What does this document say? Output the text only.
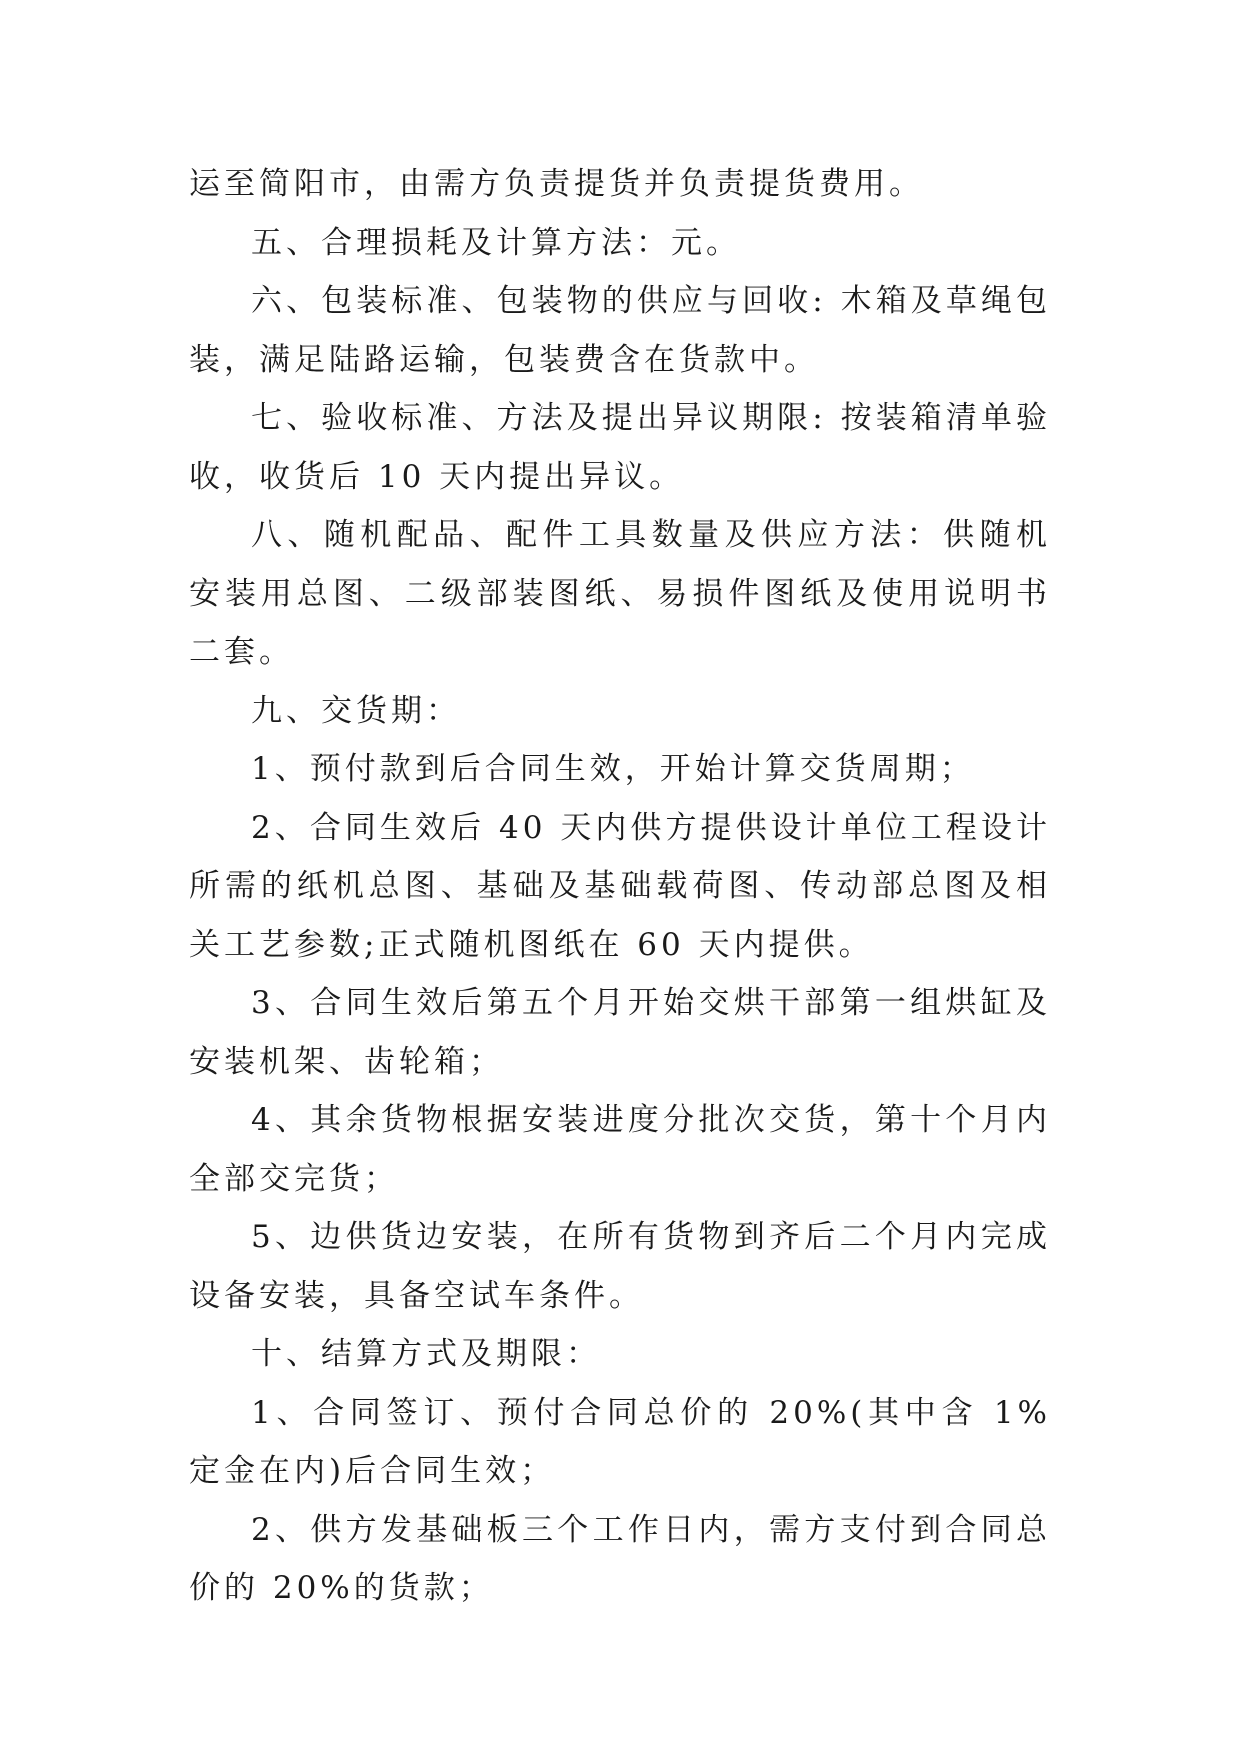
运至简阳市，由需方负责提货并负责提货费用。

五、合理损耗及计算方法：元。

六、包装标准、包装物的供应与回收: 木箱及草绳包装，满足陆路运输，包装费含在货款中。

七、验收标准、方法及提出异议期限: 按装箱清单验收，收货后 10 天内提出异议。

八、随机配品、配件工具数量及供应方法：供随机安装用总图、二级部装图纸、易损件图纸及使用说明书二套。

九、交货期：

1、预付款到后合同生效，开始计算交货周期；

2、合同生效后 40 天内供方提供设计单位工程设计所需的纸机总图、基础及基础载荷图、传动部总图及相关工艺参数;正式随机图纸在 60 天内提供。

3、合同生效后第五个月开始交烘干部第一组烘缸及安装机架、齿轮箱；

4、其余货物根据安装进度分批次交货，第十个月内全部交完货；

5、边供货边安装，在所有货物到齐后二个月内完成设备安装，具备空试车条件。

十、结算方式及期限：

1、合同签订、预付合同总价的 20%(其中含 1%定金在内)后合同生效；

2、供方发基础板三个工作日内，需方支付到合同总价的 20%的货款；
